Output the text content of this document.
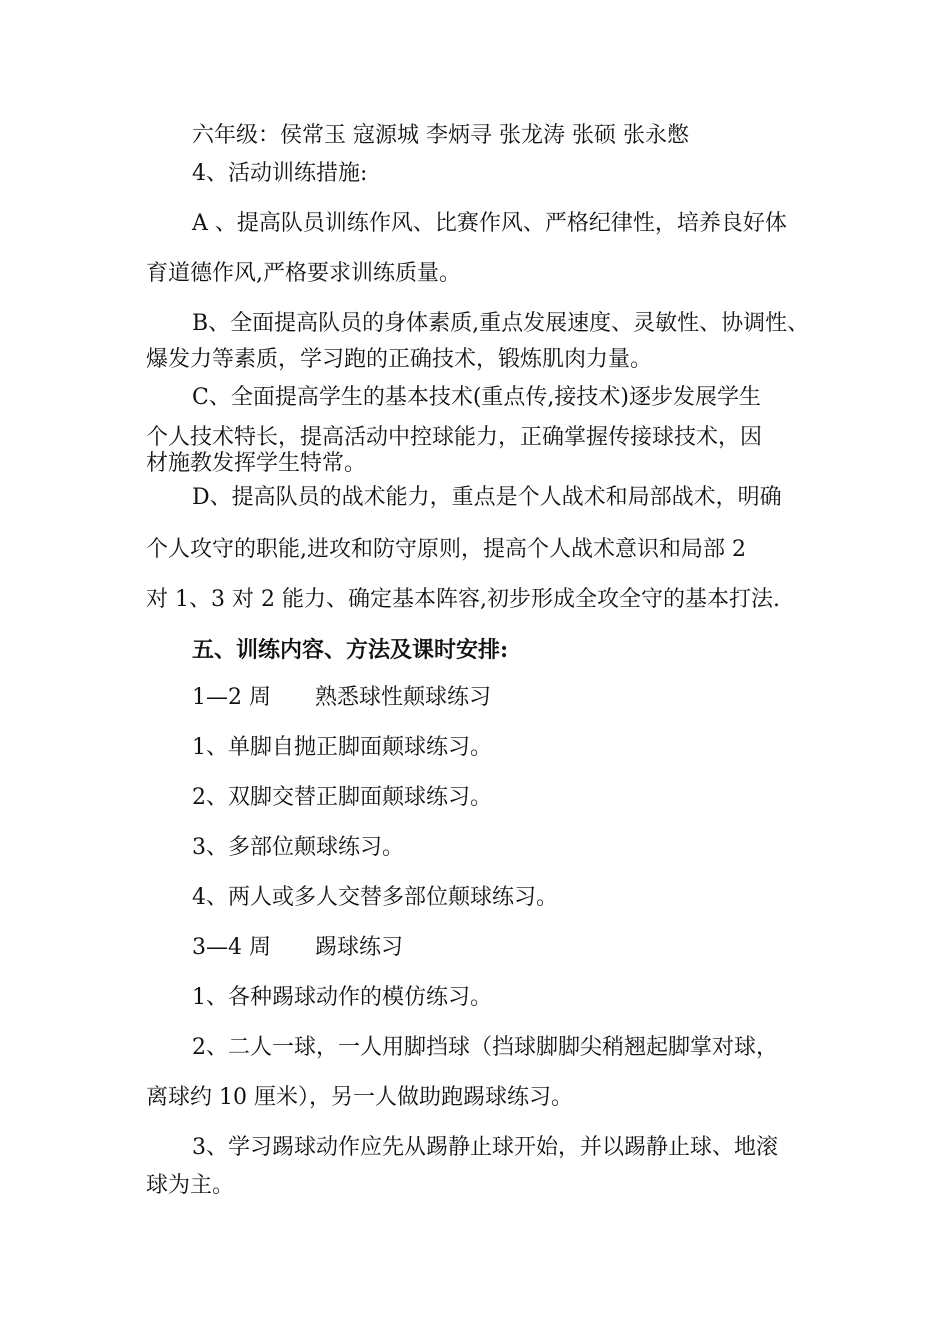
六年级：侯常玉 寇源城 李炳寻 张龙涛 张硕 张永憋
4、活动训练措施:
A 、提高队员训练作风、比赛作风、严格纪律性，培养良好体
育道德作风,严格要求训练质量。
B、全面提高队员的身体素质,重点发展速度、灵敏性、协调性、
爆发力等素质，学习跑的正确技术，锻炼肌肉力量。
C、全面提高学生的基本技术(重点传,接技术)逐步发展学生
个人技术特长，提高活动中控球能力，正确掌握传接球技术，因
材施教发挥学生特常。
D、提高队员的战术能力，重点是个人战术和局部战术，明确
个人攻守的职能,进攻和防守原则，提高个人战术意识和局部 2
对 1、3 对 2 能力、确定基本阵容,初步形成全攻全守的基本打法.
五、训练内容、方法及课时安排:
1—2 周 熟悉球性颠球练习
1、单脚自抛正脚面颠球练习。
2、双脚交替正脚面颠球练习。
3、多部位颠球练习。
4、两人或多人交替多部位颠球练习。
3—4 周 踢球练习
1、各种踢球动作的模仿练习。
2、二人一球，一人用脚挡球（挡球脚脚尖稍翘起脚掌对球，
离球约 10 厘米），另一人做助跑踢球练习。
3、学习踢球动作应先从踢静止球开始，并以踢静止球、地滚
球为主。
